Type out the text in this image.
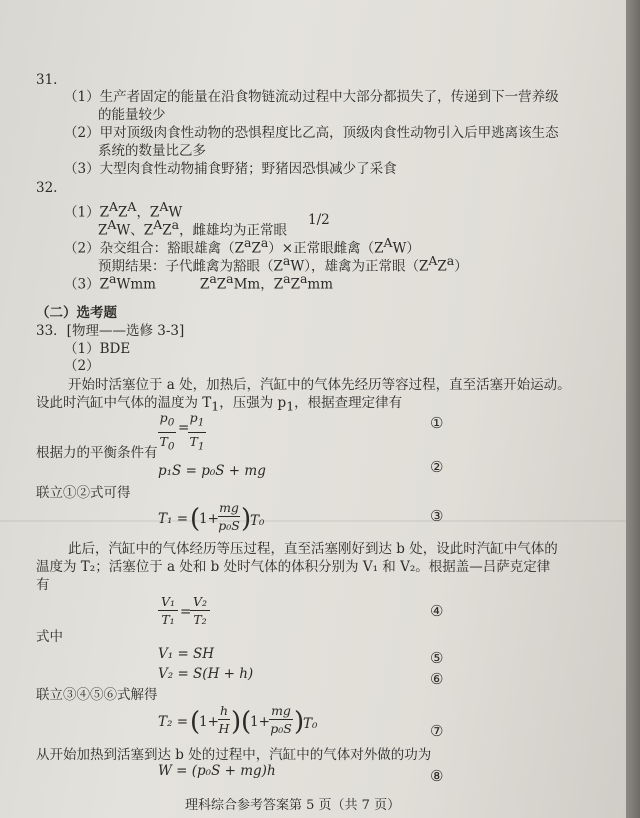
31.
（1）生产者固定的能量在沿食物链流动过程中大部分都损失了，传递到下一营养级
的能量较少
（2）甲对顶级肉食性动物的恐惧程度比乙高，顶级肉食性动物引入后甲逃离该生态
系统的数量比乙多
（3）大型肉食性动物捕食野猪；野猪因恐惧减少了采食
32.
$(1)Z^AZ^A$，$Z^AW$
$Z^AW$、$Z^AZ^a$，雌雄均为正常眼
1/2
（2）杂交组合：豁眼雄禽$(Z^aZ^a)\times$正常眼雌禽$(Z^AW)$
预期结果：子代雌禽为豁眼$(Z^aW)$，雄禽为正常眼$(Z^AZ^a)$
$(3)Z^aWmm$	$Z^aZ^aMm$，$Z^aZ^amm$
（二）选考题
33．[物理——选修 3-3]
（1）BDE
（2）
开始时活塞位于 a 处，加热后，汽缸中的气体先经历等容过程，直至活塞开始运动。
设此时汽缸中气体的温度为 $T_1$，压强为 $p_1$，根据查理定律有
$p_0$
$T_0$
=
$p_1$
$T_1$
①
根据力的平衡条件有
p₁S = p₀S + mg	②
联立①②式可得
T₁ = (
1+
mg
p₀S )
T₀	③
此后，汽缸中的气体经历等压过程，直至活塞刚好到达 b 处，设此时汽缸中气体的
温度为 T₂；活塞位于 a 处和 b 处时气体的体积分别为 V₁ 和 V₂。根据盖—吕萨克定律
有
V₁
T₁ =
V₂
T₂	④
式中
V₁ = SH	⑤
V₂ = S(H + h)	⑥
联立③④⑤⑥式解得
T₂ = (
1+
h
H ) (
1+
mg
p₀S )
T₀	⑦
从开始加热到活塞到达 b 处的过程中，汽缸中的气体对外做的功为
W = (p₀S + mg)h	⑧
理科综合参考答案第 5 页（共 7 页）
